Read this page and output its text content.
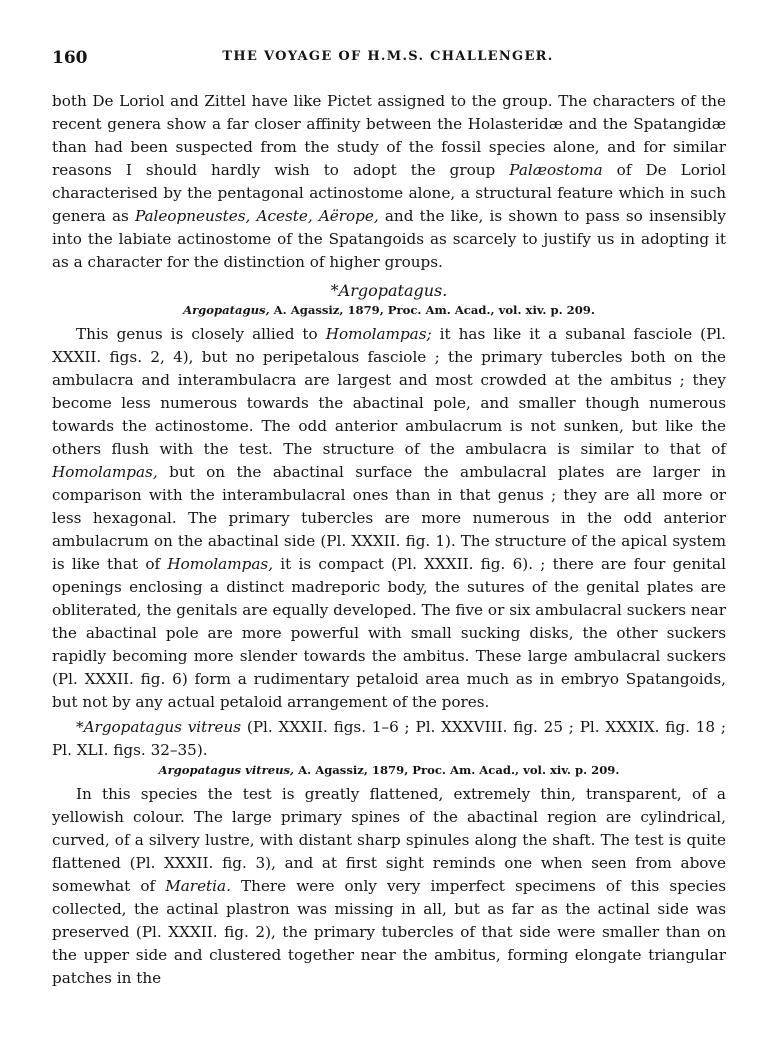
160	THE VOYAGE OF H.M.S. CHALLENGER.

both De Loriol and Zittel have like Pictet assigned to the group. The characters of the recent genera show a far closer affinity between the Holasteridæ and the Spatangidæ than had been suspected from the study of the fossil species alone, and for similar reasons I should hardly wish to adopt the group Palæostoma of De Loriol characterised by the pentagonal actinostome alone, a structural feature which in such genera as Paleopneustes, Aceste, Aërope, and the like, is shown to pass so insensibly into the labiate actinostome of the Spatangoids as scarcely to justify us in adopting it as a character for the distinction of higher groups.

*Argopatagus.

Argopatagus, A. Agassiz, 1879, Proc. Am. Acad., vol. xiv. p. 209.

This genus is closely allied to Homolampas; it has like it a subanal fasciole (Pl. XXXII. figs. 2, 4), but no peripetalous fasciole ; the primary tubercles both on the ambulacra and interambulacra are largest and most crowded at the ambitus ; they become less numerous towards the abactinal pole, and smaller though numerous towards the actinostome. The odd anterior ambulacrum is not sunken, but like the others flush with the test. The structure of the ambulacra is similar to that of Homolampas, but on the abactinal surface the ambulacral plates are larger in comparison with the interambulacral ones than in that genus ; they are all more or less hexagonal. The primary tubercles are more numerous in the odd anterior ambulacrum on the abactinal side (Pl. XXXII. fig. 1). The structure of the apical system is like that of Homolampas, it is compact (Pl. XXXII. fig. 6). ; there are four genital openings enclosing a distinct madreporic body, the sutures of the genital plates are obliterated, the genitals are equally developed. The five or six ambulacral suckers near the abactinal pole are more powerful with small sucking disks, the other suckers rapidly becoming more slender towards the ambitus. These large ambulacral suckers (Pl. XXXII. fig. 6) form a rudimentary petaloid area much as in embryo Spatangoids, but not by any actual petaloid arrangement of the pores.

*Argopatagus vitreus (Pl. XXXII. figs. 1–6 ; Pl. XXXVIII. fig. 25 ; Pl. XXXIX. fig. 18 ; Pl. XLI. figs. 32–35).

Argopatagus vitreus, A. Agassiz, 1879, Proc. Am. Acad., vol. xiv. p. 209.

In this species the test is greatly flattened, extremely thin, transparent, of a yellowish colour. The large primary spines of the abactinal region are cylindrical, curved, of a silvery lustre, with distant sharp spinules along the shaft. The test is quite flattened (Pl. XXXII. fig. 3), and at first sight reminds one when seen from above somewhat of Maretia. There were only very imperfect specimens of this species collected, the actinal plastron was missing in all, but as far as the actinal side was preserved (Pl. XXXII. fig. 2), the primary tubercles of that side were smaller than on the upper side and clustered together near the ambitus, forming elongate triangular patches in the
